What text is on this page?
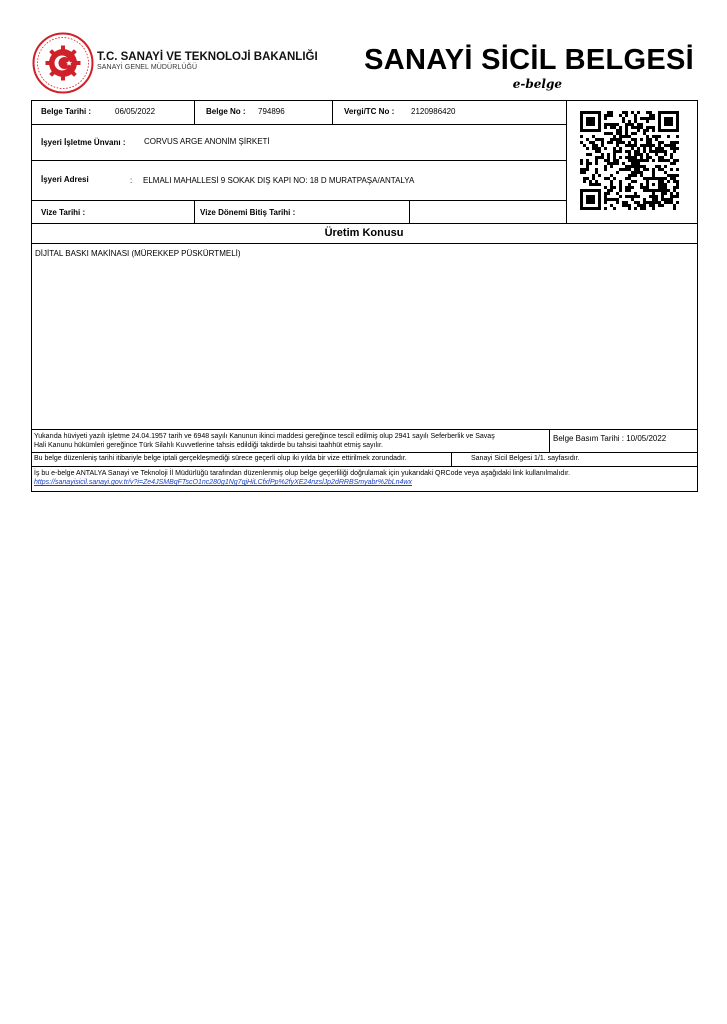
T.C. SANAYİ VE TEKNOLOJİ BAKANLIĞI
SANAYİ GENEL MÜDÜRLÜĞÜ	SANAYİ SİCİL BELGESİ
e-belge
Belge Tarihi :	06/05/2022	Belge No : 794896	Vergi/TC No : 2120986420
İşyeri İşletme Ünvanı : CORVUS ARGE ANONİM ŞİRKETİ
İşyeri Adresi	: ELMALI MAHALLESİ 9 SOKAK DIŞ KAPI NO: 18 D MURATPAŞA/ANTALYA
Vize Tarihi :	Vize Dönemi Bitiş Tarihi :
Üretim Konusu
DİJİTAL BASKI MAKİNASI (MÜREKKEP PÜSKÜRTMELİ)
Yukarıda hüviyeti yazılı işletme 24.04.1957 tarih ve 6948 sayılı Kanunun ikinci maddesi gereğince tescil edilmiş olup 2941 sayılı Seferberlik ve Savaş
Hali Kanunu hükümleri gereğince Türk Silahlı Kuvvetlerine tahsis edildiği takdirde bu tahsisi taahhüt etmiş sayılır.
Belge Basım Tarihi : 10/05/2022
Bu belge düzenleniş tarihi itibariyle belge iptali gerçekleşmediği sürece geçerli olup iki yılda bir vize ettirilmek zorundadır.	Sanayi Sicil Belgesi 1/1. sayfasıdır.
İş bu e-belge ANTALYA Sanayi ve Teknoloji İl Müdürlüğü tarafından düzenlenmiş olup belge geçerliliği doğrulamak için yukarıdaki QRCode veya aşağıdaki link kullanılmalıdır.
https://sanayisicil.sanayi.gov.tr/v?i=Ze4JSMBqFTscO1nc280g1Ng7qjHiLCfxfPp%2fyXE24nzslJp2dRRBSmyabr%2bLn4wx
